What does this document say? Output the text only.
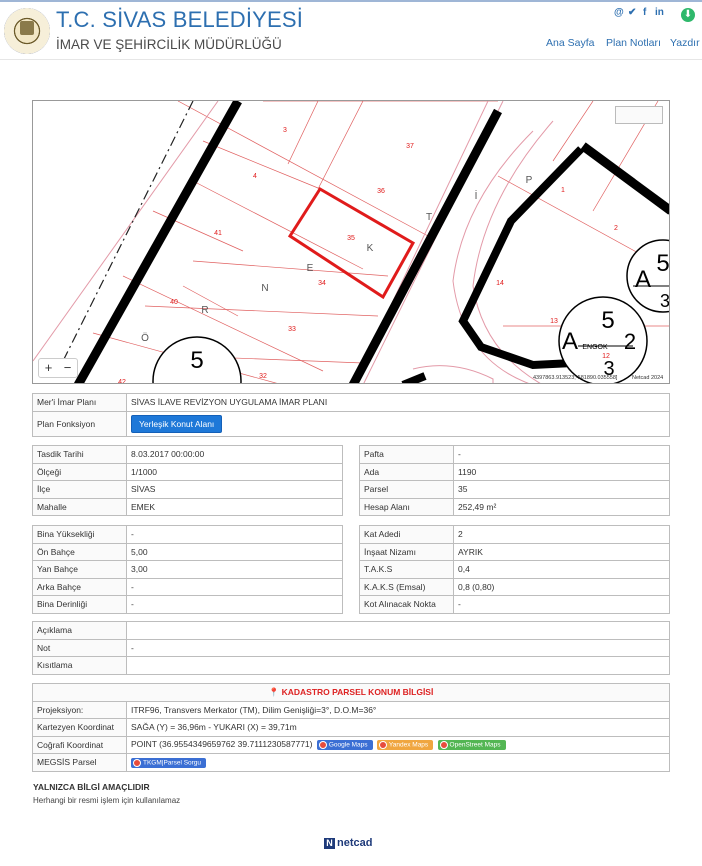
T.C. SİVAS BELEDİYESİ
İMAR VE ŞEHİRCİLİK MÜDÜRLÜĞÜ
@ ✔ f in ⬇
Ana Sayfa Plan Notları Yazdır
3
37
4
36
41
35
34
40
33
42
32
1
2
14
13
12
Ö
R
N
E
K
T
İ
P
5
5
A ENGOK
3
5
A
3
2
+ −
4397863.913523;-581890.035558]	Netcad 2024
Mer'i İmar Planı	SİVAS İLAVE REVİZYON UYGULAMA İMAR PLANI
Plan Fonksiyon	Yerleşik Konut Alanı
Tasdik Tarihi	8.03.2017 00:00:00
Ölçeği	1/1000
İlçe	SİVAS
Mahalle	EMEK
Pafta	-
Ada	1190
Parsel	35
Hesap Alanı	252,49 m²
Bina Yüksekliği	-
Ön Bahçe	5,00
Yan Bahçe	3,00
Arka Bahçe	-
Bina Derinliği	-
Kat Adedi	2
İnşaat Nizamı	AYRIK
T.A.K.S	0,4
K.A.K.S (Emsal)	0,8 (0,80)
Kot Alınacak Nokta	-
Açıklama	
Not	-
Kısıtlama	
📍 KADASTRO PARSEL KONUM BİLGİSİ	
Projeksiyon:	ITRF96, Transvers Merkator (TM), Dilim Genişliği=3°, D.O.M=36°
Kartezyen Koordinat	SAĞA (Y) = 36,96m - YUKARI (X) = 39,71m
Coğrafi Koordinat	POINT (36.9554349659762 39.7111230587771) Google Maps Yandex Maps OpenStreet Maps
MEGSİS Parsel	TKGM|Parsel Sorgu
YALNIZCA BİLGİ AMAÇLIDIR
Herhangi bir resmi işlem için kullanılamaz
N netcad
